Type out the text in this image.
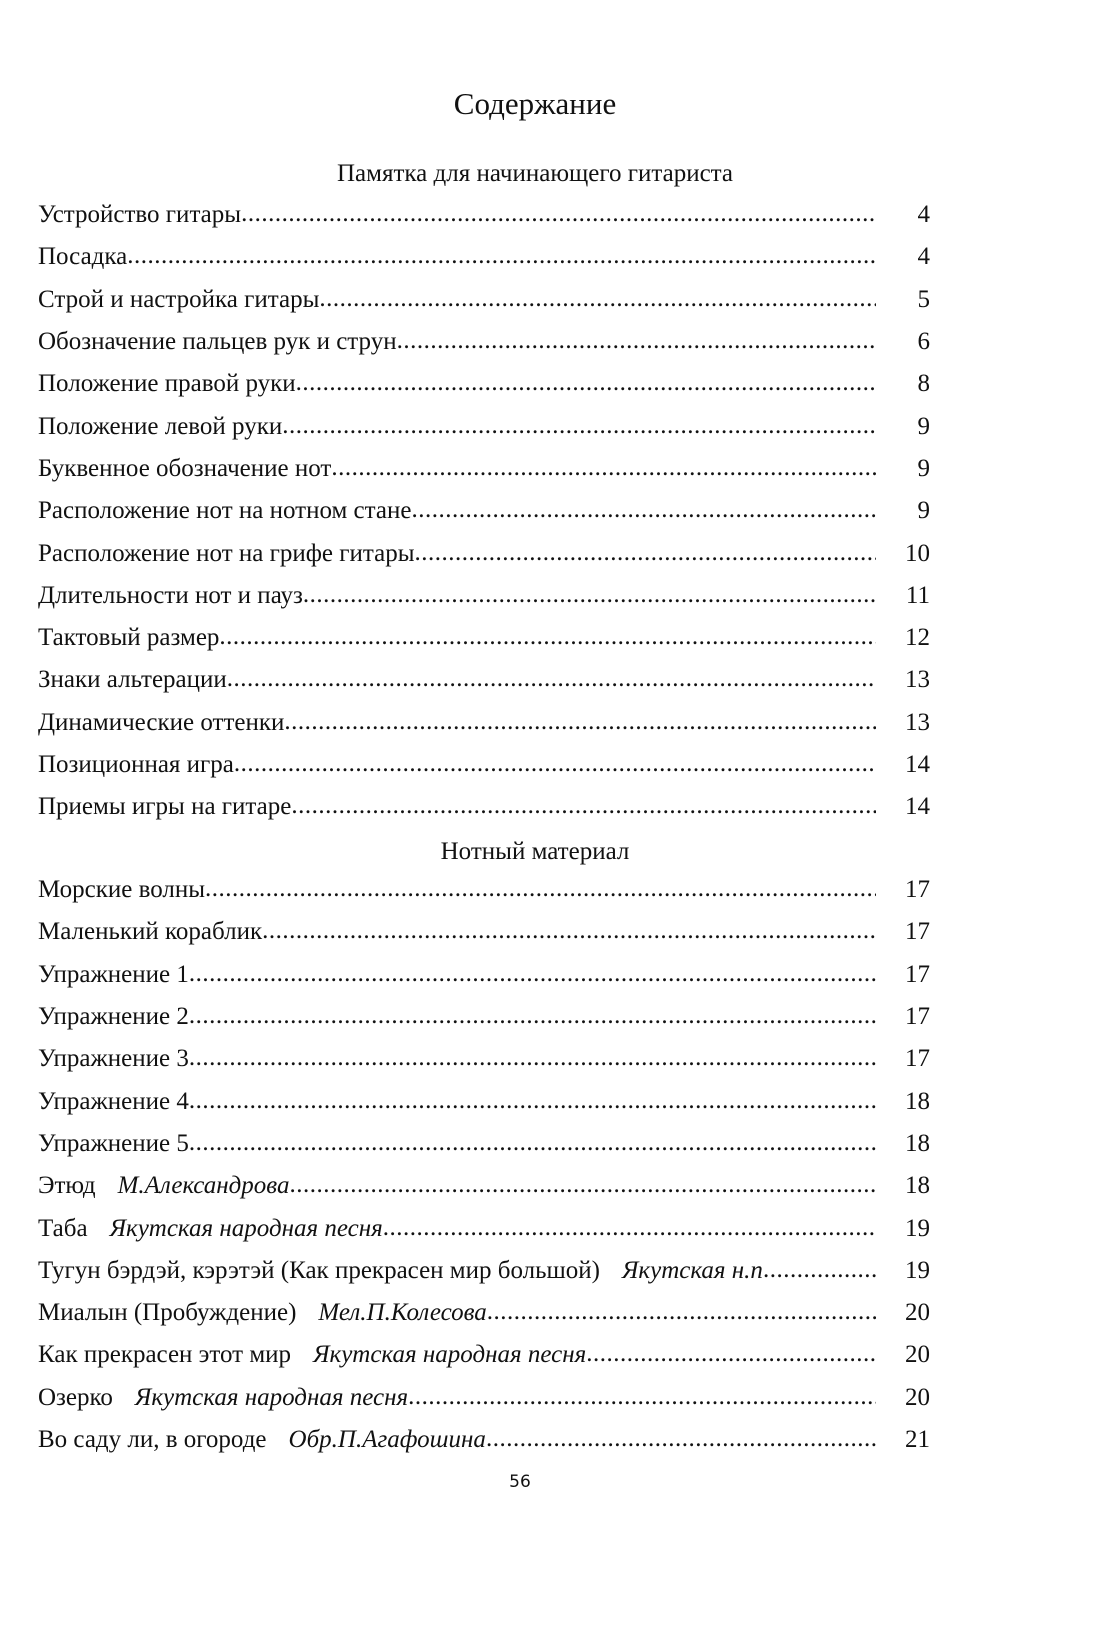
Содержание
Памятка для начинающего гитариста
Устройство гитары .....	4
Посадка .....	4
Строй и настройка гитары .....	5
Обозначение пальцев рук и струн .....	6
Положение правой руки .....	8
Положение левой руки .....	9
Буквенное обозначение нот .....	9
Расположение нот на нотном стане .....	9
Расположение нот на грифе гитары .....	10
Длительности нот и пауз .....	11
Тактовый размер .....	12
Знаки альтерации .....	13
Динамические оттенки .....	13
Позиционная игра .....	14
Приемы игры на гитаре .....	14
Нотный материал
Морские волны .....	17
Маленький кораблик .....	17
Упражнение 1 .....	17
Упражнение 2 .....	17
Упражнение 3 .....	17
Упражнение 4 .....	18
Упражнение 5 .....	18
Этюд М.Александрова .....	18
Таба Якутская народная песня .....	19
Тугун бэрдэй, кэрэтэй (Как прекрасен мир большой) Якутская н.п .....	19
Миалын (Пробуждение) Мел.П.Колесова .....	20
Как прекрасен этот мир Якутская народная песня .....	20
Озерко Якутская народная песня .....	20
Во саду ли, в огороде Обр.П.Агафошина .....	21
56
